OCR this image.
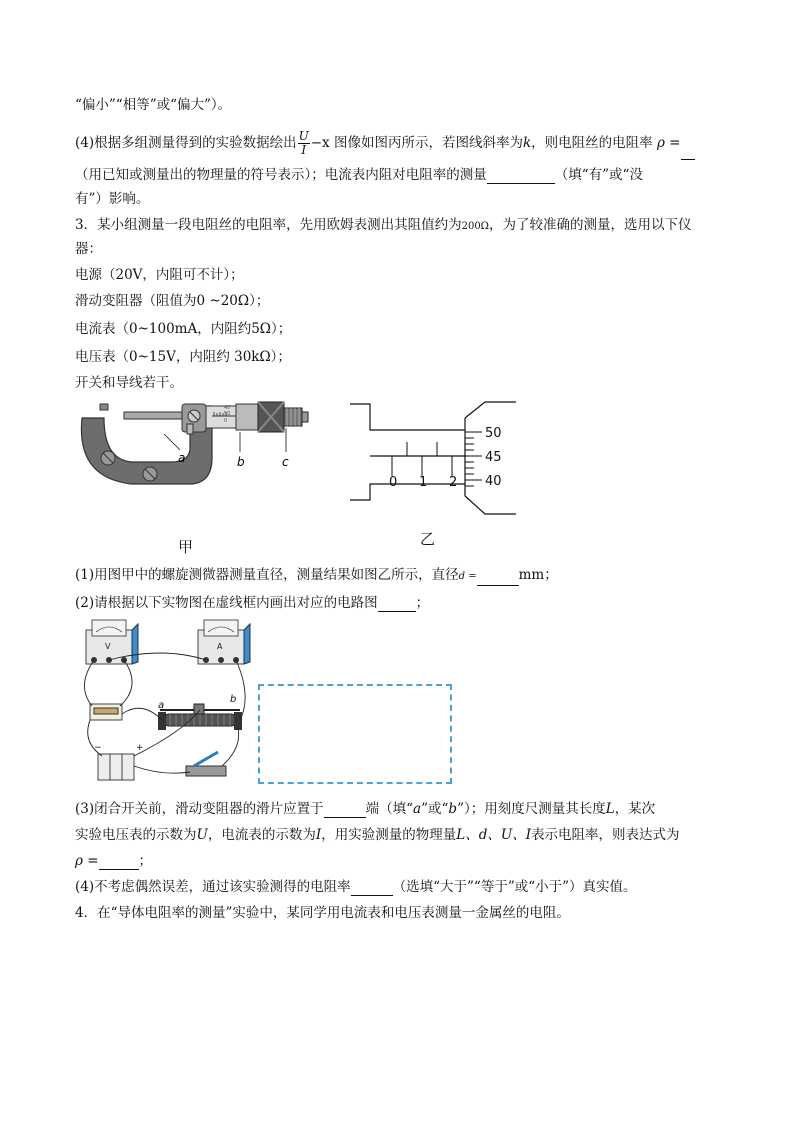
“偏小”“相等”或“偏大”）。
(4)根据多组测量得到的实验数据绘出 $\frac{U}{I} -x$ 图像如图丙所示，若图线斜率为k，则电阻丝的电阻率 ρ =
（用已知或测量出的物理量的符号表示）；电流表内阻对电阻率的测量	（填“有”或“没
有”）影响。
3．某小组测量一段电阻丝的电阻率，先用欧姆表测出其阻值约为200Ω，为了较准确的测量，选用以下仪
器：
电源（20V，内阻可不计）；
滑动变阻器（阻值为0 ~20Ω）；
电流表（0~100mA，内阻约5Ω）；
电压表（0~15V，内阻约 30kΩ）；
开关和导线若干。
40
50
0
a	b	c
0 1 2
50
45
40
甲	乙
(1)用图甲中的螺旋测微器测量直径，测量结果如图乙所示，直径d =	mm；
(2)请根据以下实物图在虚线框内画出对应的电路图	；
V	A
a
b
−	+
(3)闭合开关前，滑动变阻器的滑片应置于	端（填“a”或“b”）；用刻度尺测量其长度L，某次
实验电压表的示数为U，电流表的示数为I，用实验测量的物理量L、d、U、I表示电阻率，则表达式为
ρ =	；
(4)不考虑偶然误差，通过该实验测得的电阻率	（选填“大于”“等于”或“小于”）真实值。
4．在“导体电阻率的测量”实验中，某同学用电流表和电压表测量一金属丝的电阻。
